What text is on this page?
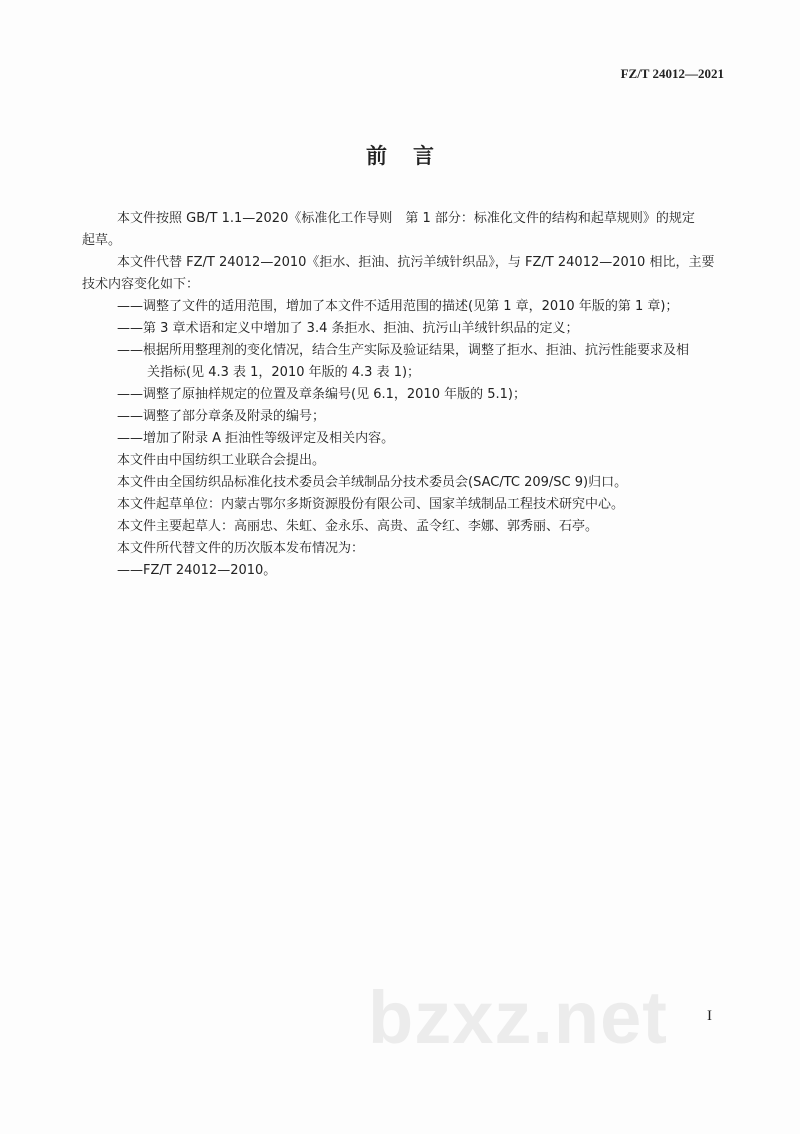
FZ/T 24012—2021
前言
本文件按照 GB/T 1.1—2020《标准化工作导则　第 1 部分：标准化文件的结构和起草规则》的规定
起草。
本文件代替 FZ/T 24012—2010《拒水、拒油、抗污羊绒针织品》，与 FZ/T 24012—2010 相比，主要
技术内容变化如下：
——调整了文件的适用范围，增加了本文件不适用范围的描述(见第 1 章，2010 年版的第 1 章)；
——第 3 章术语和定义中增加了 3.4 条拒水、拒油、抗污山羊绒针织品的定义；
——根据所用整理剂的变化情况，结合生产实际及验证结果，调整了拒水、拒油、抗污性能要求及相
关指标(见 4.3 表 1，2010 年版的 4.3 表 1)；
——调整了原抽样规定的位置及章条编号(见 6.1，2010 年版的 5.1)；
——调整了部分章条及附录的编号；
——增加了附录 A 拒油性等级评定及相关内容。
本文件由中国纺织工业联合会提出。
本文件由全国纺织品标准化技术委员会羊绒制品分技术委员会(SAC/TC 209/SC 9)归口。
本文件起草单位：内蒙古鄂尔多斯资源股份有限公司、国家羊绒制品工程技术研究中心。
本文件主要起草人：高丽忠、朱虹、金永乐、高贵、孟令红、李娜、郭秀丽、石亭。
本文件所代替文件的历次版本发布情况为：
——FZ/T 24012—2010。
I
bzxz.net
